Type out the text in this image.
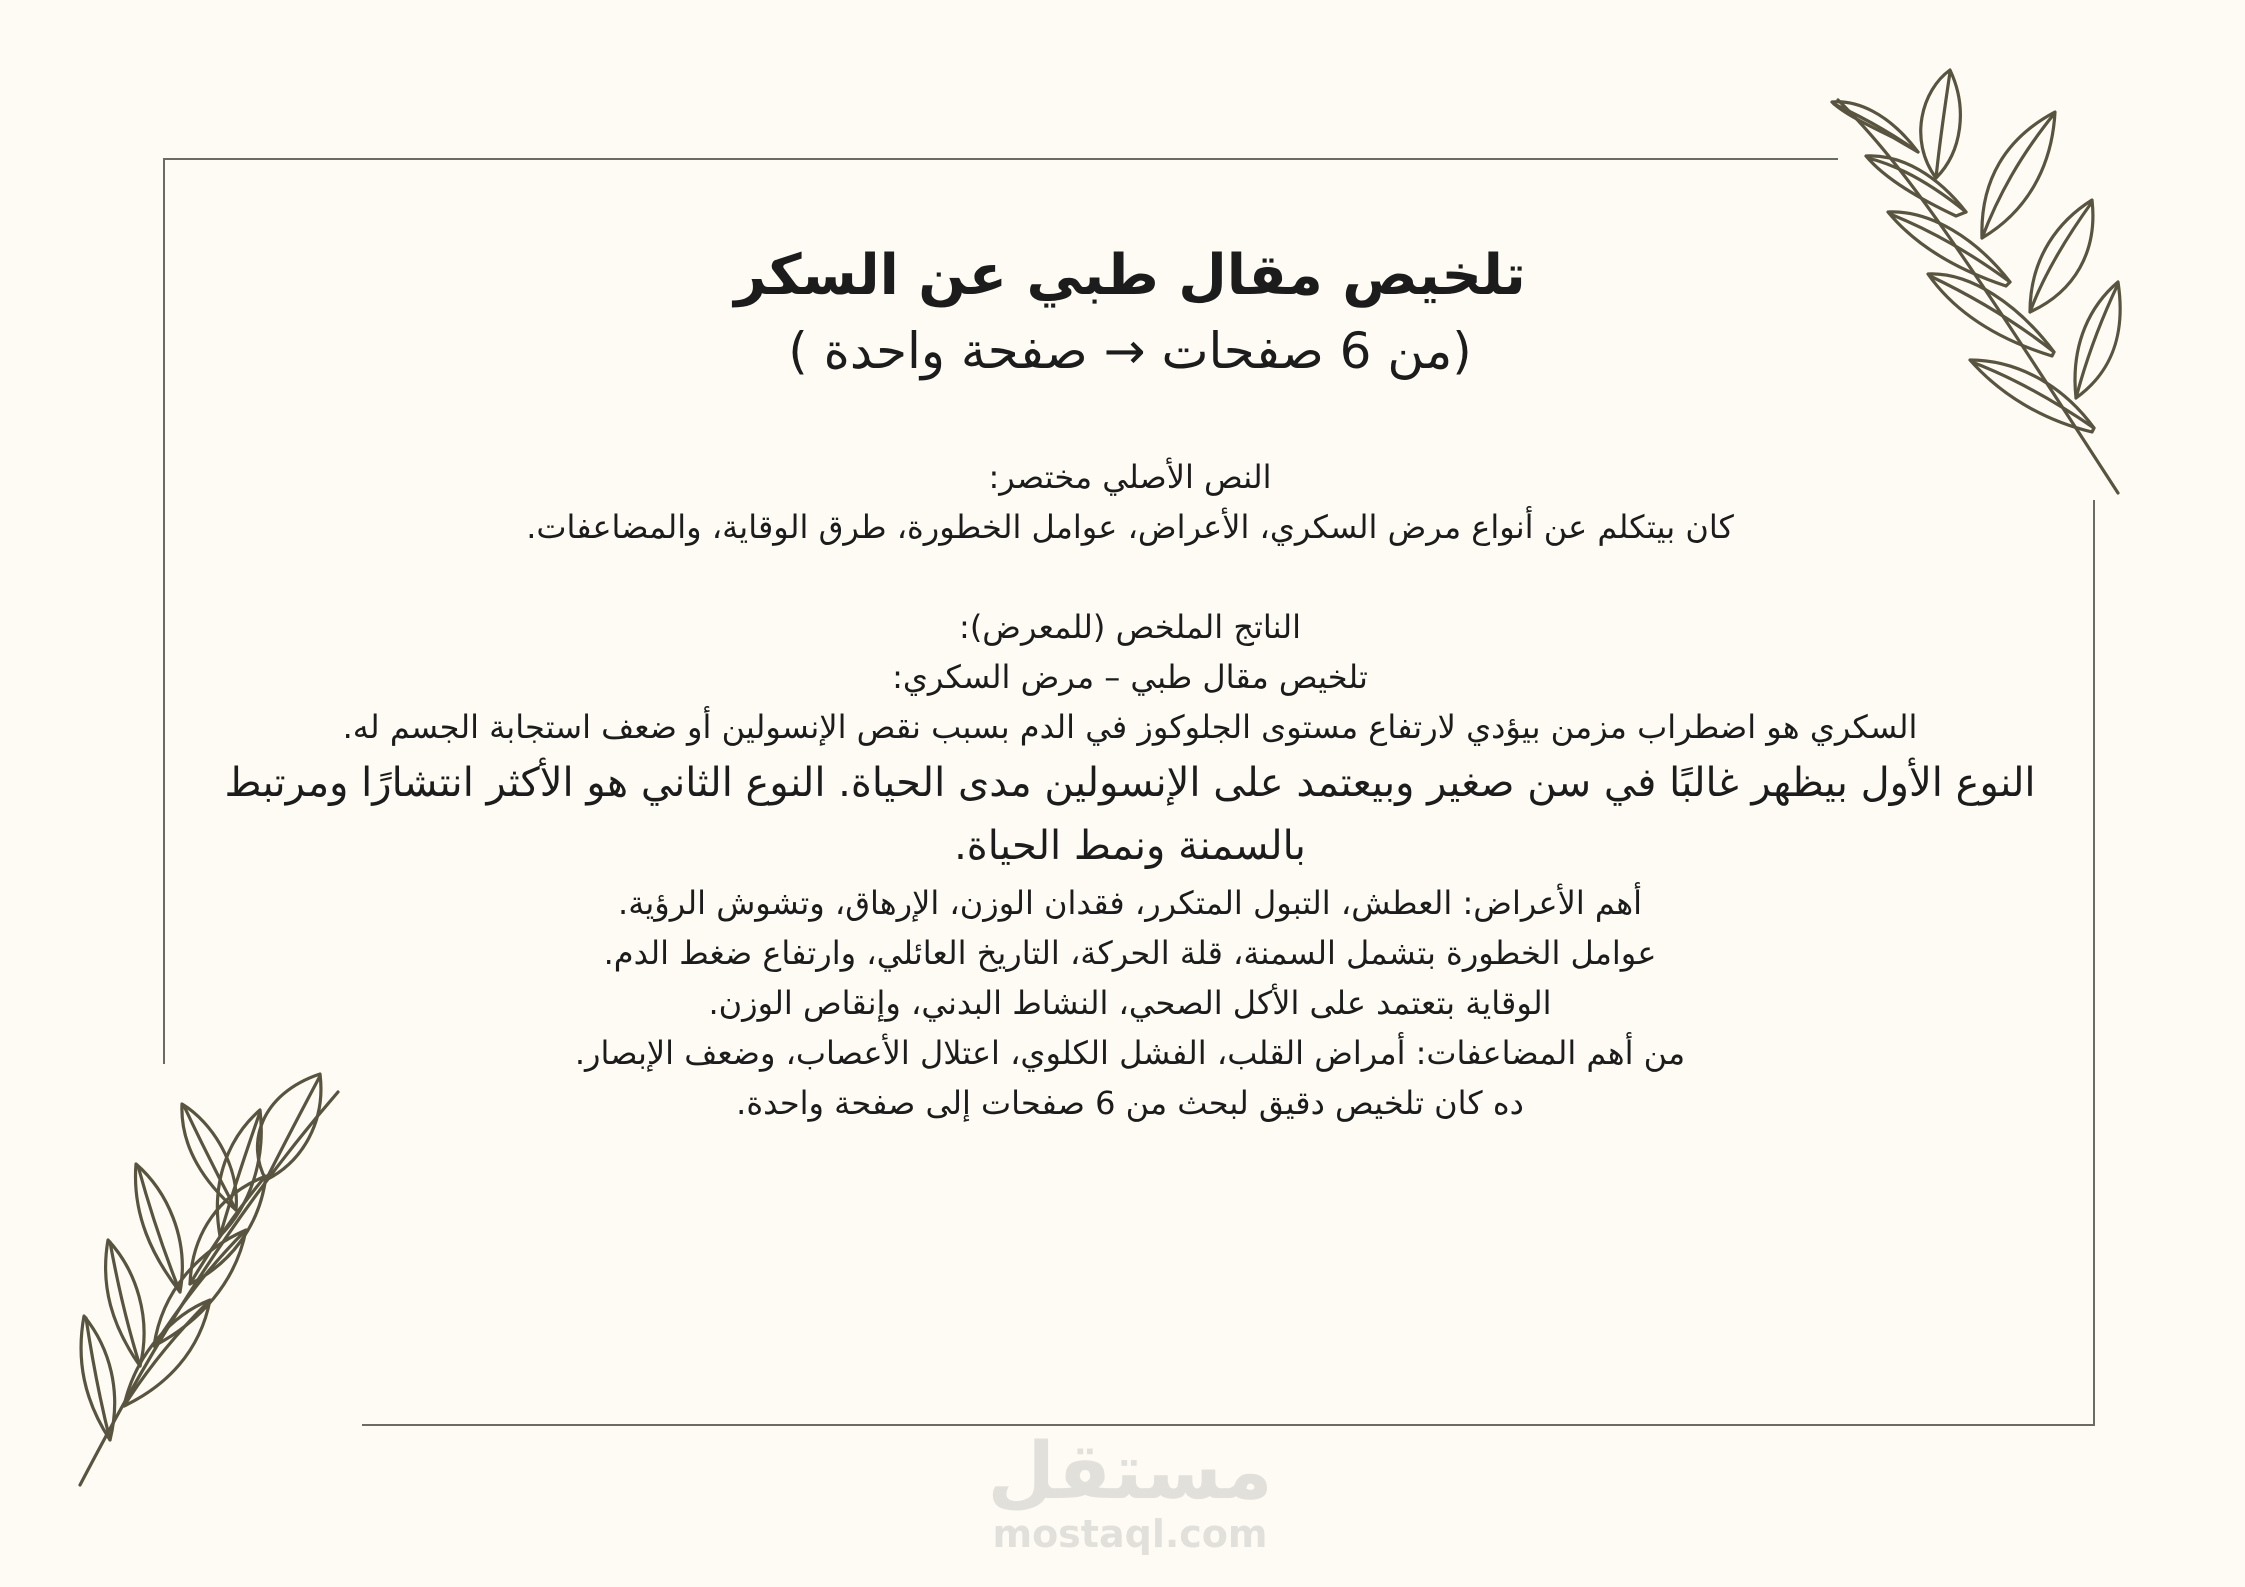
تلخيص مقال طبي عن السكر

(من 6 صفحات → صفحة واحدة )

النص الأصلي مختصر:

كان بيتكلم عن أنواع مرض السكري، الأعراض، عوامل الخطورة، طرق الوقاية، والمضاعفات.

الناتج الملخص (للمعرض):

تلخيص مقال طبي – مرض السكري:

السكري هو اضطراب مزمن بيؤدي لارتفاع مستوى الجلوكوز في الدم بسبب نقص الإنسولين أو ضعف استجابة الجسم له.

النوع الأول بيظهر غالبًا في سن صغير وبيعتمد على الإنسولين مدى الحياة. النوع الثاني هو الأكثر انتشارًا ومرتبط بالسمنة ونمط الحياة.

أهم الأعراض: العطش، التبول المتكرر، فقدان الوزن، الإرهاق، وتشوش الرؤية.

عوامل الخطورة بتشمل السمنة، قلة الحركة، التاريخ العائلي، وارتفاع ضغط الدم.

الوقاية بتعتمد على الأكل الصحي، النشاط البدني، وإنقاص الوزن.

من أهم المضاعفات: أمراض القلب، الفشل الكلوي، اعتلال الأعصاب، وضعف الإبصار.

ده كان تلخيص دقيق لبحث من 6 صفحات إلى صفحة واحدة.

مستقل
mostaql.com
